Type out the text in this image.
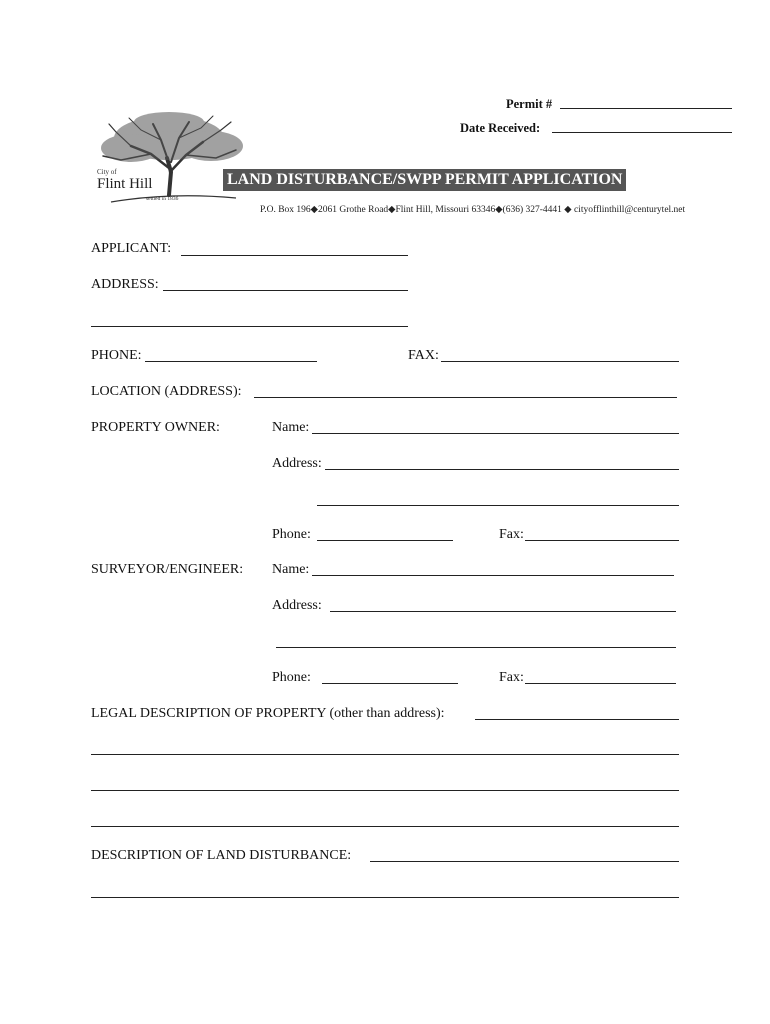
Permit #
Date Received:
City of
Flint Hill
settled in 1836
LAND DISTURBANCE/SWPP PERMIT APPLICATION
P.O. Box 196◆2061 Grothe Road◆Flint Hill, Missouri 63346◆(636) 327-4441 ◆ cityofflinthill@centurytel.net
APPLICANT:
ADDRESS:
PHONE:	FAX:
LOCATION (ADDRESS):
PROPERTY OWNER:	Name:
Address:
Phone:	Fax:
SURVEYOR/ENGINEER: Name:
Address:
Phone:	Fax:
LEGAL DESCRIPTION OF PROPERTY (other than address):
DESCRIPTION OF LAND DISTURBANCE:
